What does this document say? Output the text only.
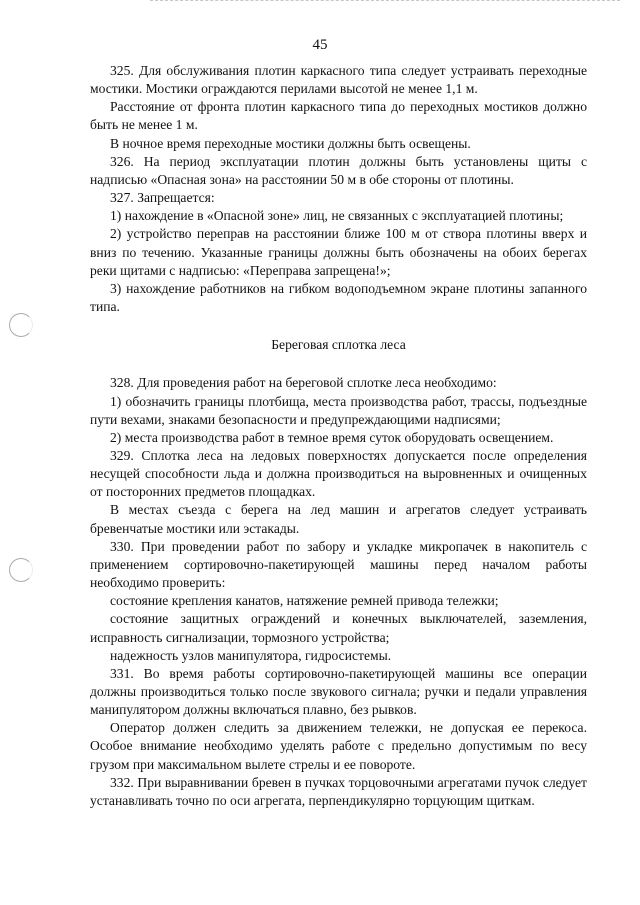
45

325. Для обслуживания плотин каркасного типа следует устраивать переходные мостики. Мостики ограждаются перилами высотой не менее 1,1 м.

Расстояние от фронта плотин каркасного типа до переходных мостиков должно быть не менее 1 м.

В ночное время переходные мостики должны быть освещены.

326. На период эксплуатации плотин должны быть установлены щиты с надписью «Опасная зона» на расстоянии 50 м в обе стороны от плотины.

327. Запрещается:

1) нахождение в «Опасной зоне» лиц, не связанных с эксплуатацией плотины;

2) устройство переправ на расстоянии ближе 100 м от створа плотины вверх и вниз по течению. Указанные границы должны быть обозначены на обоих берегах реки щитами с надписью: «Переправа запрещена!»;

3) нахождение работников на гибком водоподъемном экране плотины запанного типа.

Береговая сплотка леса

328. Для проведения работ на береговой сплотке леса необходимо:

1) обозначить границы плотбища, места производства работ, трассы, подъездные пути вехами, знаками безопасности и предупреждающими надписями;

2) места производства работ в темное время суток оборудовать освещением.

329. Сплотка леса на ледовых поверхностях допускается после определения несущей способности льда и должна производиться на выровненных и очищенных от посторонних предметов площадках.

В местах съезда с берега на лед машин и агрегатов следует устраивать бревенчатые мостики или эстакады.

330. При проведении работ по забору и укладке микропачек в накопитель с применением сортировочно-пакетирующей машины перед началом работы необходимо проверить:

состояние крепления канатов, натяжение ремней привода тележки;

состояние защитных ограждений и конечных выключателей, заземления, исправность сигнализации, тормозного устройства;

надежность узлов манипулятора, гидросистемы.

331. Во время работы сортировочно-пакетирующей машины все операции должны производиться только после звукового сигнала; ручки и педали управления манипулятором должны включаться плавно, без рывков.

Оператор должен следить за движением тележки, не допуская ее перекоса. Особое внимание необходимо уделять работе с предельно допустимым по весу грузом при максимальном вылете стрелы и ее повороте.

332. При выравнивании бревен в пучках торцовочными агрегатами пучок следует устанавливать точно по оси агрегата, перпендикулярно торцующим щиткам.
